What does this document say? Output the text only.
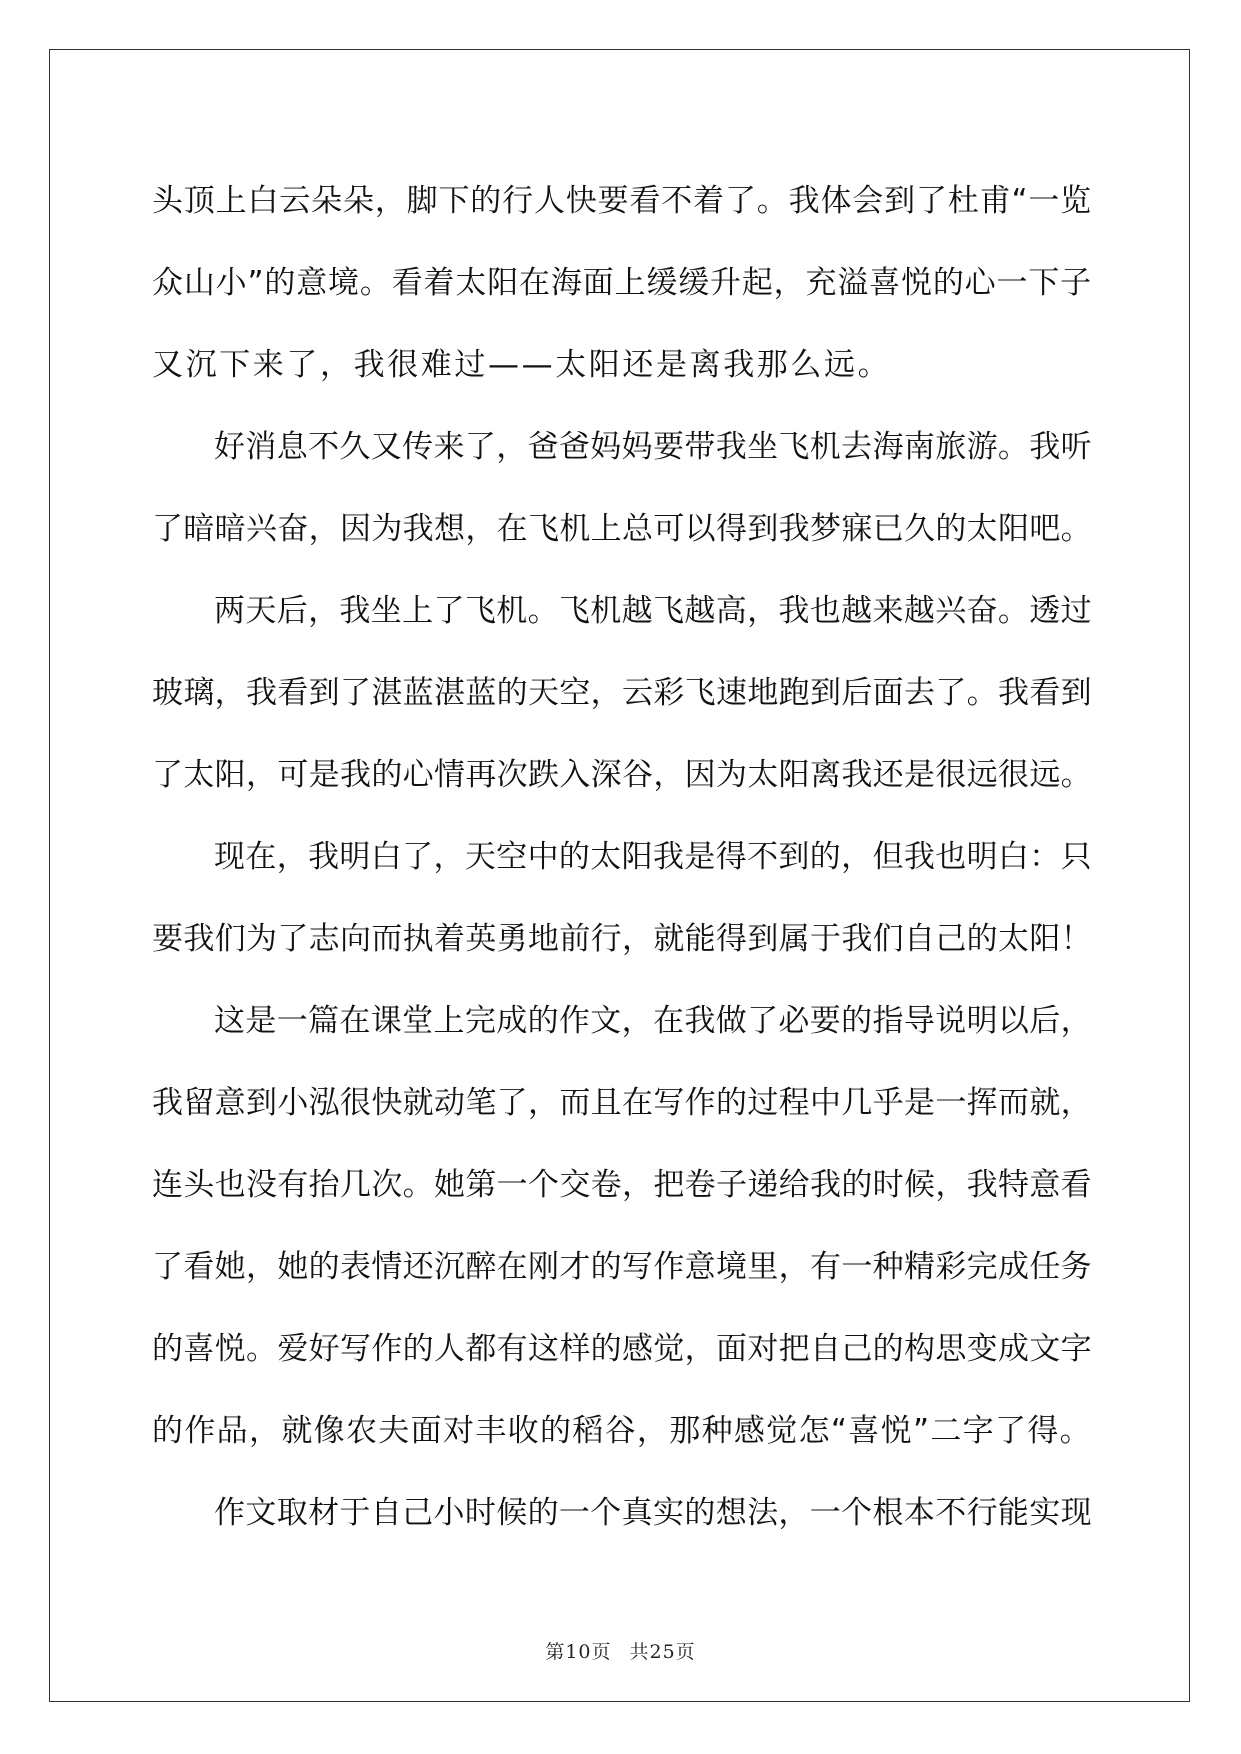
头顶上白云朵朵，脚下的行人快要看不着了。我体会到了杜甫“一览
众山小”的意境。看着太阳在海面上缓缓升起，充溢喜悦的心一下子
又沉下来了，我很难过——太阳还是离我那么远。

好消息不久又传来了，爸爸妈妈要带我坐飞机去海南旅游。我听
了暗暗兴奋，因为我想，在飞机上总可以得到我梦寐已久的太阳吧。

两天后，我坐上了飞机。飞机越飞越高，我也越来越兴奋。透过
玻璃，我看到了湛蓝湛蓝的天空，云彩飞速地跑到后面去了。我看到
了太阳，可是我的心情再次跌入深谷，因为太阳离我还是很远很远。

现在，我明白了，天空中的太阳我是得不到的，但我也明白：只
要我们为了志向而执着英勇地前行，就能得到属于我们自己的太阳！

这是一篇在课堂上完成的作文，在我做了必要的指导说明以后，
我留意到小泓很快就动笔了，而且在写作的过程中几乎是一挥而就，
连头也没有抬几次。她第一个交卷，把卷子递给我的时候，我特意看
了看她，她的表情还沉醉在刚才的写作意境里，有一种精彩完成任务
的喜悦。爱好写作的人都有这样的感觉，面对把自己的构思变成文字
的作品，就像农夫面对丰收的稻谷，那种感觉怎“喜悦”二字了得。

作文取材于自己小时候的一个真实的想法，一个根本不行能实现

第10页 共25页
